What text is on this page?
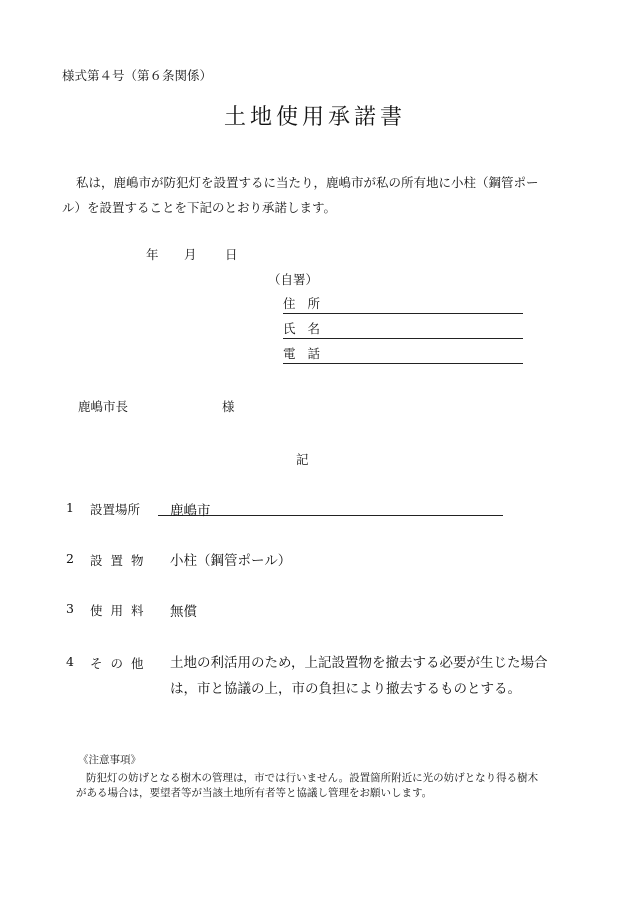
様式第４号（第６条関係）
土地使用承諾書
私は，鹿嶋市が防犯灯を設置するに当たり，鹿嶋市が私の所有地に小柱（鋼管ポール）を設置することを下記のとおり承諾します。
年 月 日
（自署）
住所
氏名
電話
鹿嶋市長	様
記
1 設置場所 鹿嶋市
2 設 置 物 小柱（鋼管ポール）
3 使 用 料 無償
4 そ の 他 土地の利活用のため，上記設置物を撤去する必要が生じた場合は，市と協議の上，市の負担により撤去するものとする。
《注意事項》
防犯灯の妨げとなる樹木の管理は，市では行いません。設置箇所附近に光の妨げとなり得る樹木がある場合は，要望者等が当該土地所有者等と協議し管理をお願いします。
